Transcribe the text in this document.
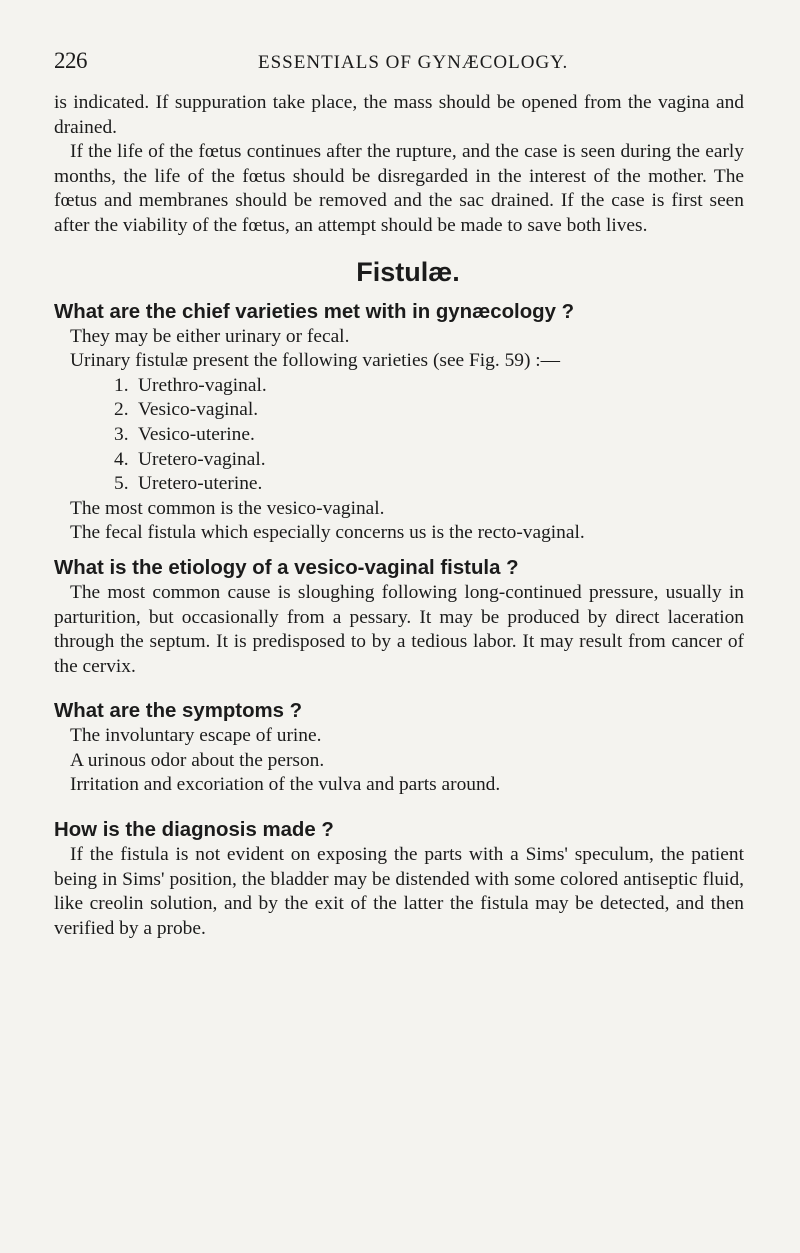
226	ESSENTIALS OF GYNÆCOLOGY.

is indicated. If suppuration take place, the mass should be opened from the vagina and drained.

If the life of the fœtus continues after the rupture, and the case is seen during the early months, the life of the fœtus should be disregarded in the interest of the mother. The fœtus and membranes should be removed and the sac drained. If the case is first seen after the viability of the fœtus, an attempt should be made to save both lives.

Fistulæ.
What are the chief varieties met with in gynæcology ?

They may be either urinary or fecal.

Urinary fistulæ present the following varieties (see Fig. 59) :—

1. Urethro-vaginal.
2. Vesico-vaginal.
3. Vesico-uterine.
4. Uretero-vaginal.
5. Uretero-uterine.

The most common is the vesico-vaginal.

The fecal fistula which especially concerns us is the recto-vaginal.

What is the etiology of a vesico-vaginal fistula ?

The most common cause is sloughing following long-continued pressure, usually in parturition, but occasionally from a pessary. It may be produced by direct laceration through the septum. It is predisposed to by a tedious labor. It may result from cancer of the cervix.

What are the symptoms ?

The involuntary escape of urine.

A urinous odor about the person.

Irritation and excoriation of the vulva and parts around.

How is the diagnosis made ?

If the fistula is not evident on exposing the parts with a Sims' speculum, the patient being in Sims' position, the bladder may be distended with some colored antiseptic fluid, like creolin solution, and by the exit of the latter the fistula may be detected, and then verified by a probe.
